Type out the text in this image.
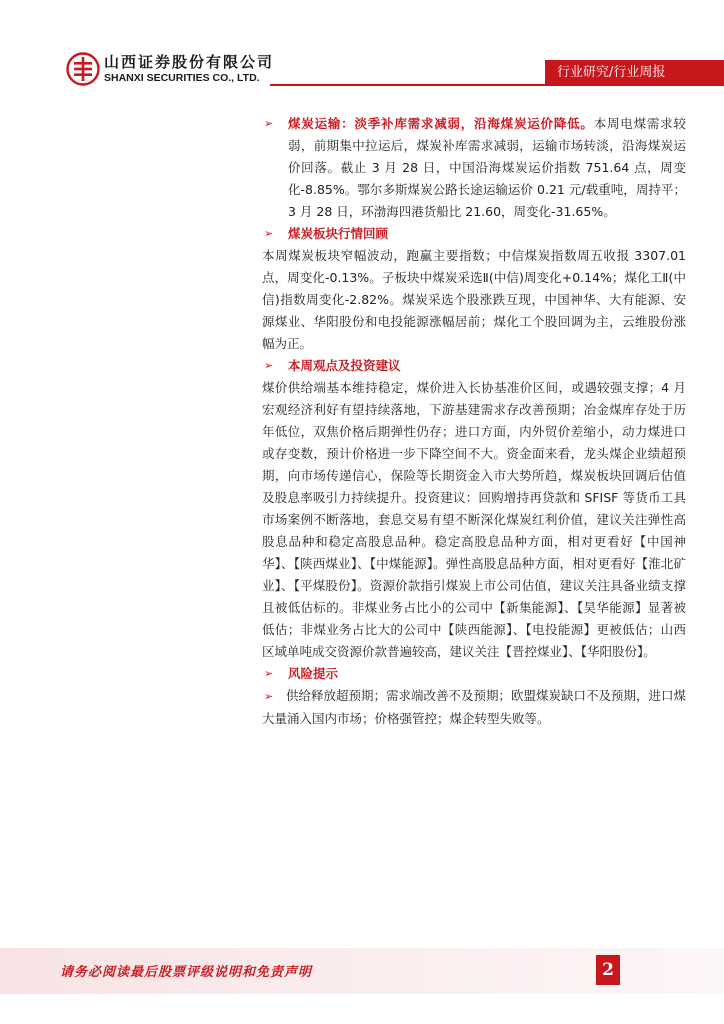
山西证券股份有限公司
SHANXI SECURITIES CO., LTD.	行业研究/行业周报
➢	煤炭运输：淡季补库需求减弱，沿海煤炭运价降低。本周电煤需求较弱，前期集中拉运后，煤炭补库需求减弱，运输市场转淡，沿海煤炭运价回落。截止 3 月 28 日，中国沿海煤炭运价指数 751.64 点，周变化-8.85%。鄂尔多斯煤炭公路长途运输运价 0.21 元/载重吨，周持平；3 月 28 日，环渤海四港货船比 21.60，周变化-31.65%。
➢	煤炭板块行情回顾
本周煤炭板块窄幅波动，跑赢主要指数；中信煤炭指数周五收报 3307.01 点，周变化-0.13%。子板块中煤炭采选Ⅱ(中信)周变化+0.14%；煤化工Ⅱ(中信)指数周变化-2.82%。煤炭采选个股涨跌互现，中国神华、大有能源、安源煤业、华阳股份和电投能源涨幅居前；煤化工个股回调为主，云维股份涨幅为正。
➢	本周观点及投资建议
煤价供给端基本维持稳定，煤价进入长协基准价区间，或遇较强支撑；4 月宏观经济利好有望持续落地，下游基建需求存改善预期；冶金煤库存处于历年低位，双焦价格后期弹性仍存；进口方面，内外贸价差缩小，动力煤进口或存变数，预计价格进一步下降空间不大。资金面来看，龙头煤企业绩超预期，向市场传递信心，保险等长期资金入市大势所趋，煤炭板块回调后估值及股息率吸引力持续提升。投资建议：回购增持再贷款和 SFISF 等货币工具市场案例不断落地，套息交易有望不断深化煤炭红利价值，建议关注弹性高股息品种和稳定高股息品种。稳定高股息品种方面，相对更看好【中国神华】、【陕西煤业】、【中煤能源】。弹性高股息品种方面，相对更看好【淮北矿业】、【平煤股份】。资源价款指引煤炭上市公司估值，建议关注具备业绩支撑且被低估标的。非煤业务占比小的公司中【新集能源】、【昊华能源】显著被低估；非煤业务占比大的公司中【陕西能源】、【电投能源】更被低估；山西区域单吨成交资源价款普遍较高，建议关注【晋控煤业】、【华阳股份】。
➢	风险提示
➢ 供给释放超预期；需求端改善不及预期；欧盟煤炭缺口不及预期，进口煤大量涌入国内市场；价格强管控；煤企转型失败等。
请务必阅读最后股票评级说明和免责声明	2
